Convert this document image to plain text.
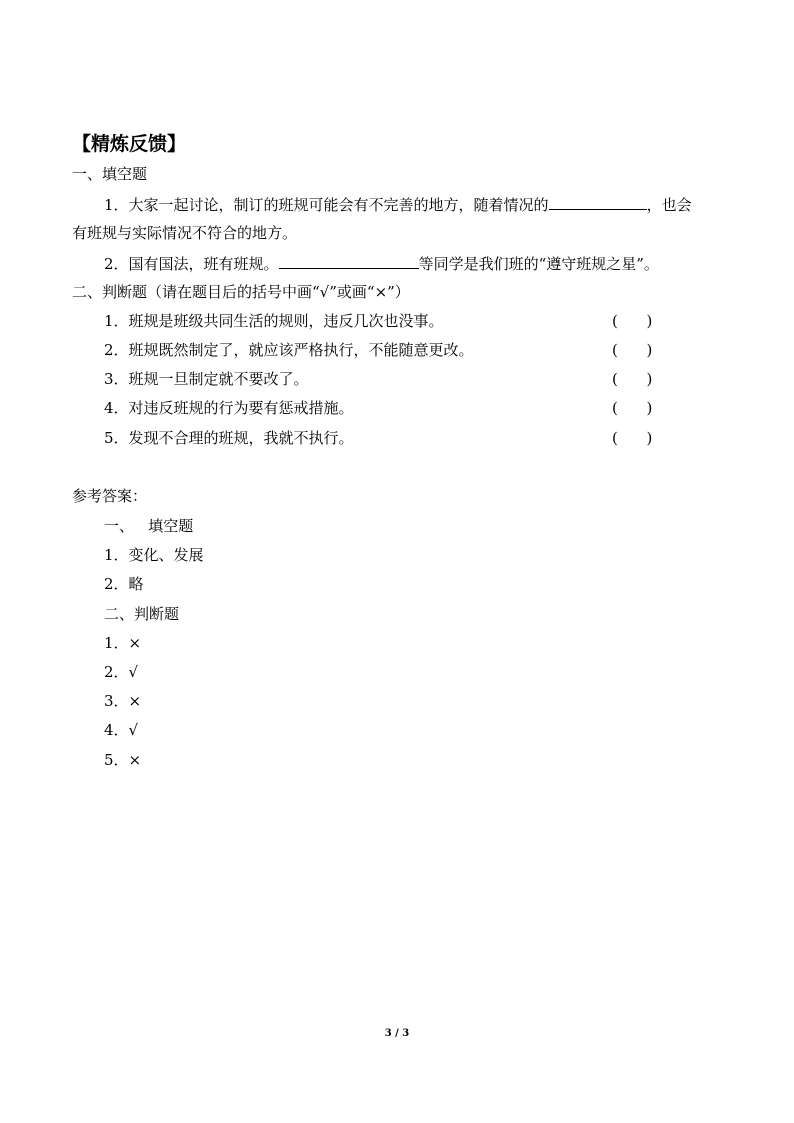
【精炼反馈】
一、填空题
1．大家一起讨论，制订的班规可能会有不完善的地方，随着情况的	，也会
有班规与实际情况不符合的地方。
2．国有国法，班有班规。	等同学是我们班的“遵守班规之星”。
二、判断题（请在题目后的括号中画“√”或画“×”）
1．班规是班级共同生活的规则，违反几次也没事。	(      )
2．班规既然制定了，就应该严格执行，不能随意更改。	(      )
3．班规一旦制定就不要改了。	(      )
4．对违反班规的行为要有惩戒措施。	(      )
5．发现不合理的班规，我就不执行。	(      )
参考答案：
一、   填空题
1．变化、发展
2．略
二、判断题
1．×
2．√
3．×
4．√
5．×
3 / 3
